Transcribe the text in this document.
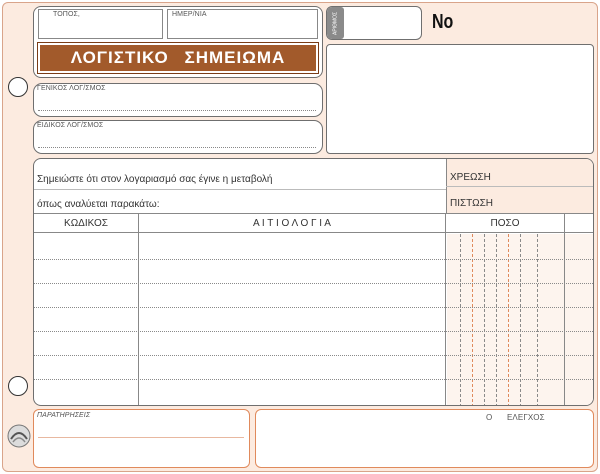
ΤΟΠΟΣ,	ΗΜΕΡ/ΝΙΑ
ΛΟΓΙΣΤΙΚΟ ΣΗΜΕΙΩΜΑ
ΑΡΙΘΜΟΣ	No
ΓΕΝΙΚΟΣ ΛΟΓ/ΣΜΟΣ
ΕΙΔΙΚΟΣ ΛΟΓ/ΣΜΟΣ
Σημειώστε ότι στον λογαριασμό σας έγινε η μεταβολή
όπως αναλύεται παρακάτω:
ΧΡΕΩΣΗ
ΠΙΣΤΩΣΗ
ΚΩΔΙΚΟΣ	Α Ι Τ Ι Ο Λ Ο Γ Ι Α	ΠΟΣΟ
ΠΑΡΑΤΗΡΗΣΕΙΣ	Ο ΕΛΕΓΧΟΣ
